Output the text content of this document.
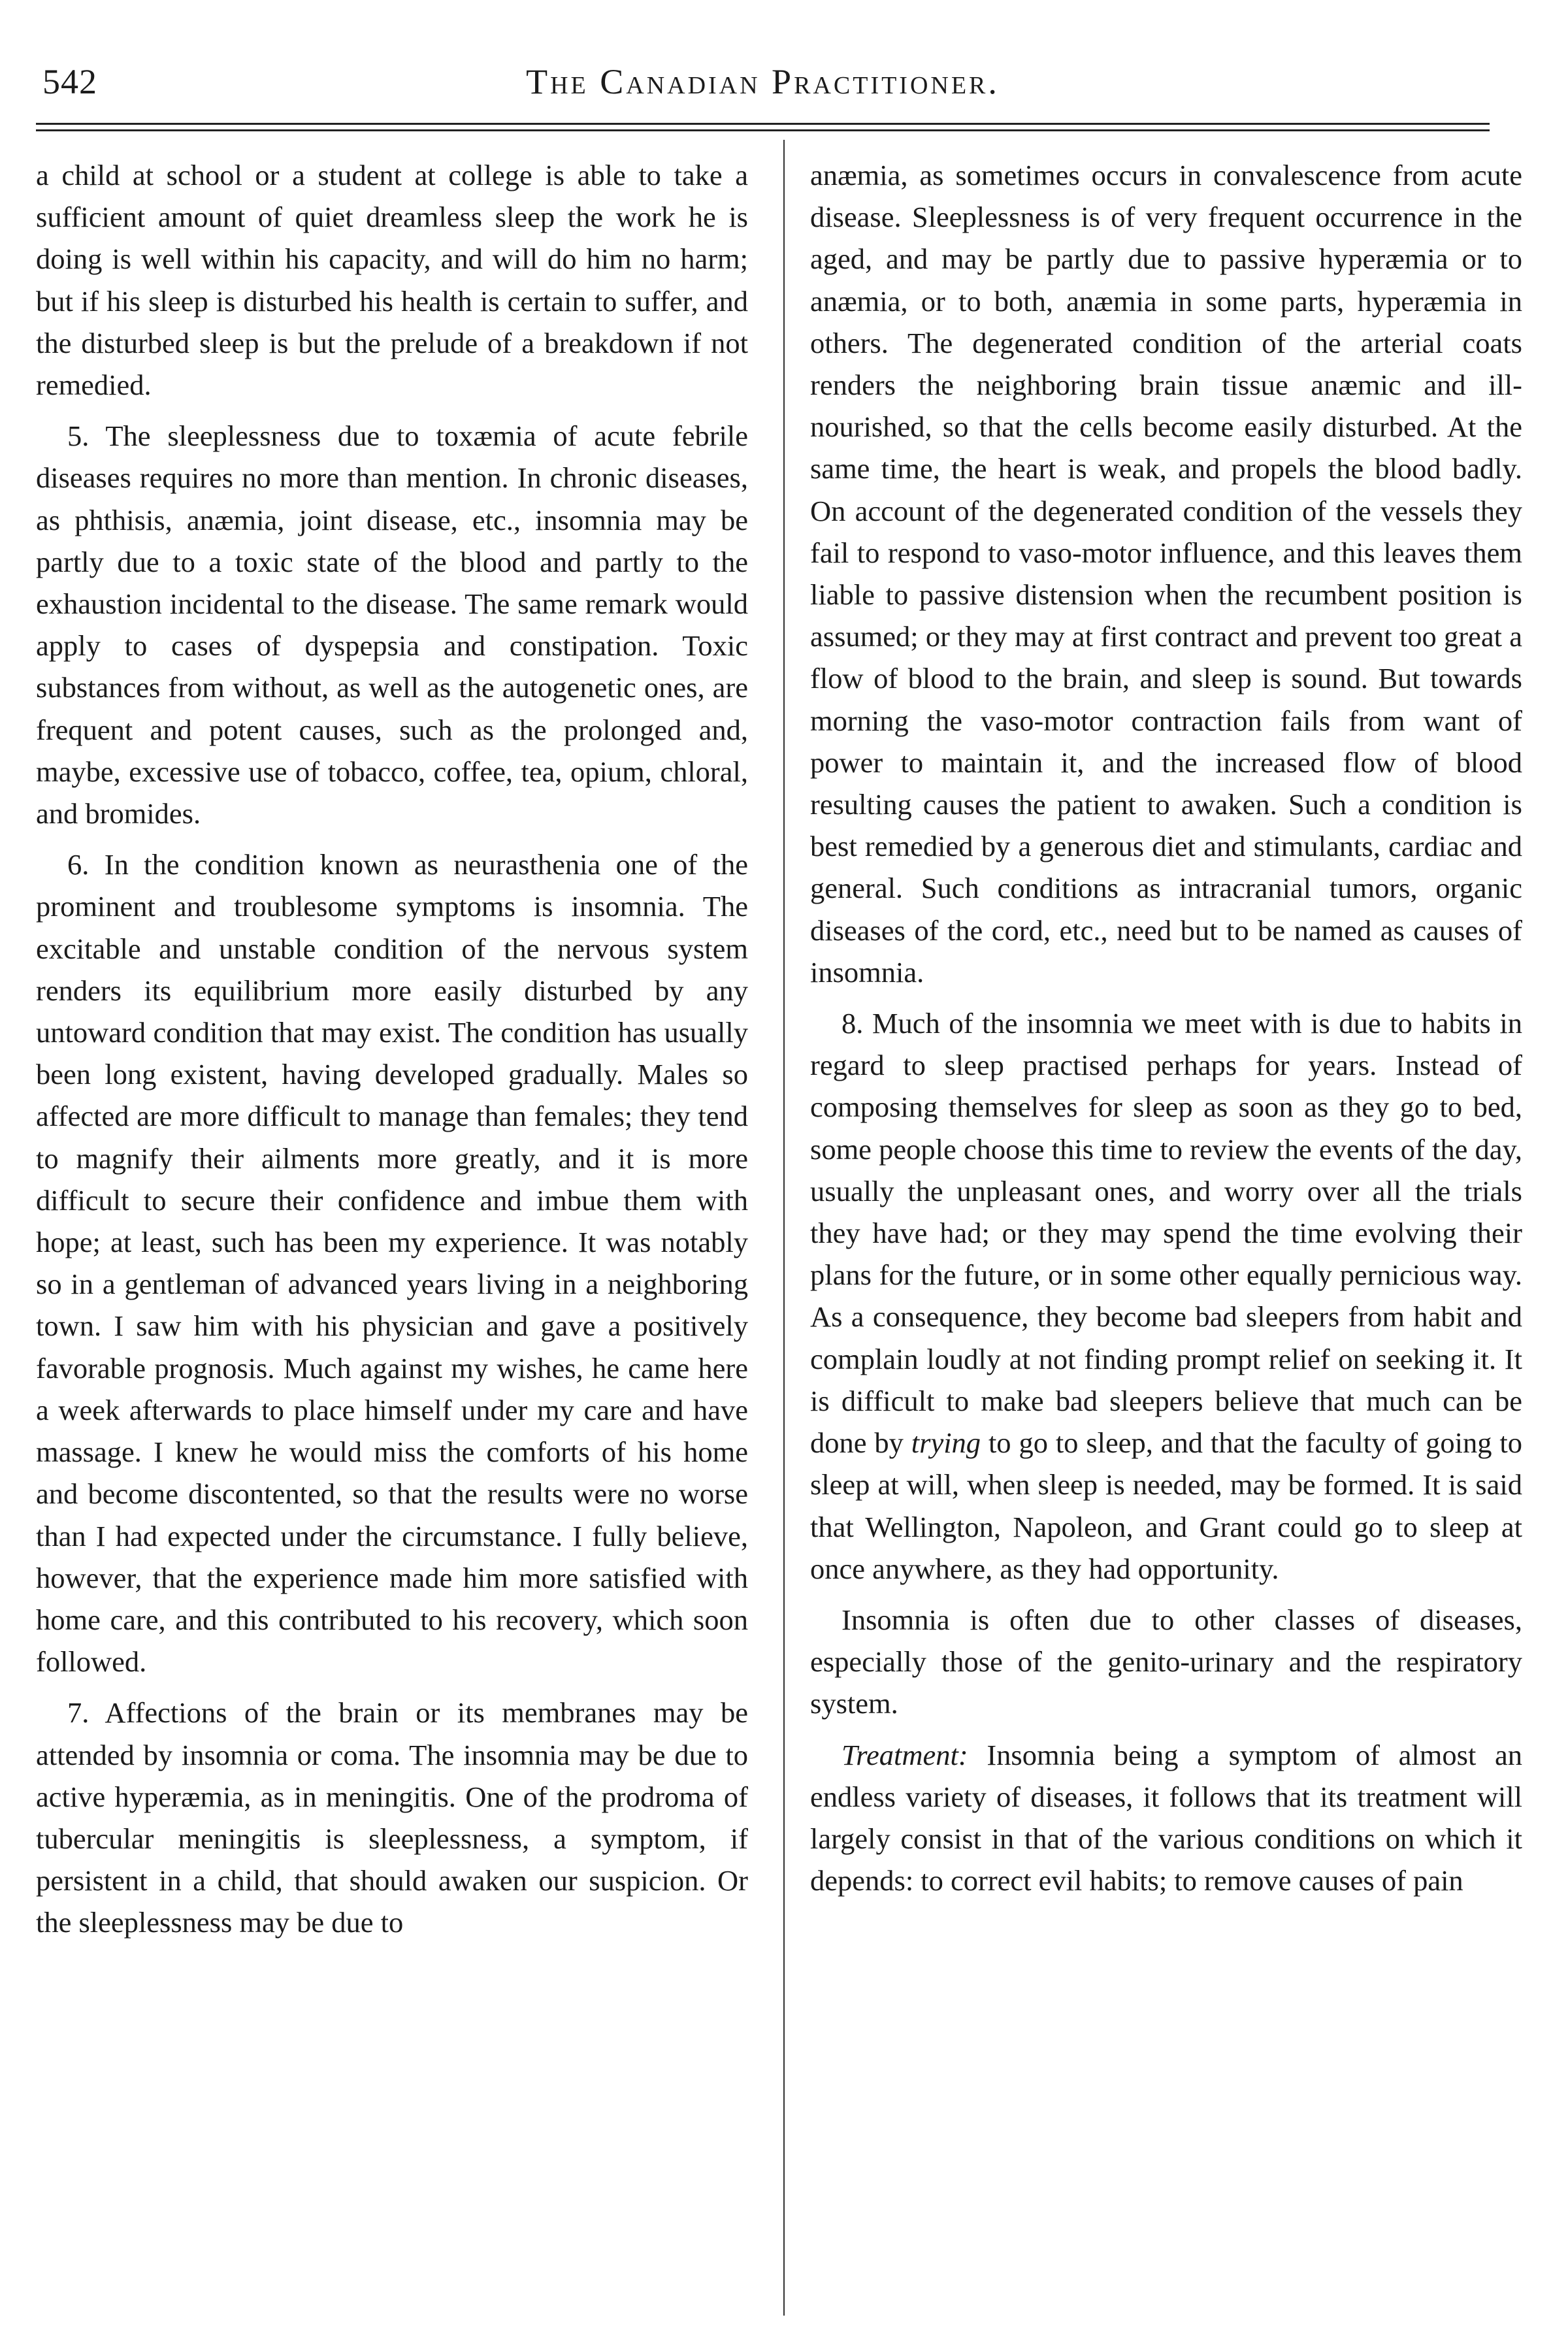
542	The Canadian Practitioner.

a child at school or a student at college is able to take a sufficient amount of quiet dreamless sleep the work he is doing is well within his capacity, and will do him no harm; but if his sleep is disturbed his health is certain to suffer, and the disturbed sleep is but the prelude of a breakdown if not remedied.

5. The sleeplessness due to toxæmia of acute febrile diseases requires no more than mention. In chronic diseases, as phthisis, anæmia, joint disease, etc., insomnia may be partly due to a toxic state of the blood and partly to the exhaustion incidental to the disease. The same remark would apply to cases of dyspepsia and constipation. Toxic substances from without, as well as the autogenetic ones, are frequent and potent causes, such as the prolonged and, maybe, excessive use of tobacco, coffee, tea, opium, chloral, and bromides.

6. In the condition known as neurasthenia one of the prominent and troublesome symptoms is insomnia. The excitable and unstable condition of the nervous system renders its equilibrium more easily disturbed by any untoward condition that may exist. The condition has usually been long existent, having developed gradually. Males so affected are more difficult to manage than females; they tend to magnify their ailments more greatly, and it is more difficult to secure their confidence and imbue them with hope; at least, such has been my experience. It was notably so in a gentleman of advanced years living in a neighboring town. I saw him with his physician and gave a positively favorable prognosis. Much against my wishes, he came here a week afterwards to place himself under my care and have massage. I knew he would miss the comforts of his home and become discontented, so that the results were no worse than I had expected under the circumstance. I fully believe, however, that the experience made him more satisfied with home care, and this contributed to his recovery, which soon followed.

7. Affections of the brain or its membranes may be attended by insomnia or coma. The insomnia may be due to active hyperæmia, as in meningitis. One of the prodroma of tubercular meningitis is sleeplessness, a symptom, if persistent in a child, that should awaken our suspicion. Or the sleeplessness may be due to

anæmia, as sometimes occurs in convalescence from acute disease. Sleeplessness is of very frequent occurrence in the aged, and may be partly due to passive hyperæmia or to anæmia, or to both, anæmia in some parts, hyperæmia in others. The degenerated condition of the arterial coats renders the neighboring brain tissue anæmic and ill-nourished, so that the cells become easily disturbed. At the same time, the heart is weak, and propels the blood badly. On account of the degenerated condition of the vessels they fail to respond to vaso-motor influence, and this leaves them liable to passive distension when the recumbent position is assumed; or they may at first contract and prevent too great a flow of blood to the brain, and sleep is sound. But towards morning the vaso-motor contraction fails from want of power to maintain it, and the increased flow of blood resulting causes the patient to awaken. Such a condition is best remedied by a generous diet and stimulants, cardiac and general. Such conditions as intracranial tumors, organic diseases of the cord, etc., need but to be named as causes of insomnia.

8. Much of the insomnia we meet with is due to habits in regard to sleep practised perhaps for years. Instead of composing themselves for sleep as soon as they go to bed, some people choose this time to review the events of the day, usually the unpleasant ones, and worry over all the trials they have had; or they may spend the time evolving their plans for the future, or in some other equally pernicious way. As a consequence, they become bad sleepers from habit and complain loudly at not finding prompt relief on seeking it. It is difficult to make bad sleepers believe that much can be done by trying to go to sleep, and that the faculty of going to sleep at will, when sleep is needed, may be formed. It is said that Wellington, Napoleon, and Grant could go to sleep at once anywhere, as they had opportunity.

Insomnia is often due to other classes of diseases, especially those of the genito-urinary and the respiratory system.

Treatment: Insomnia being a symptom of almost an endless variety of diseases, it follows that its treatment will largely consist in that of the various conditions on which it depends: to correct evil habits; to remove causes of pain
